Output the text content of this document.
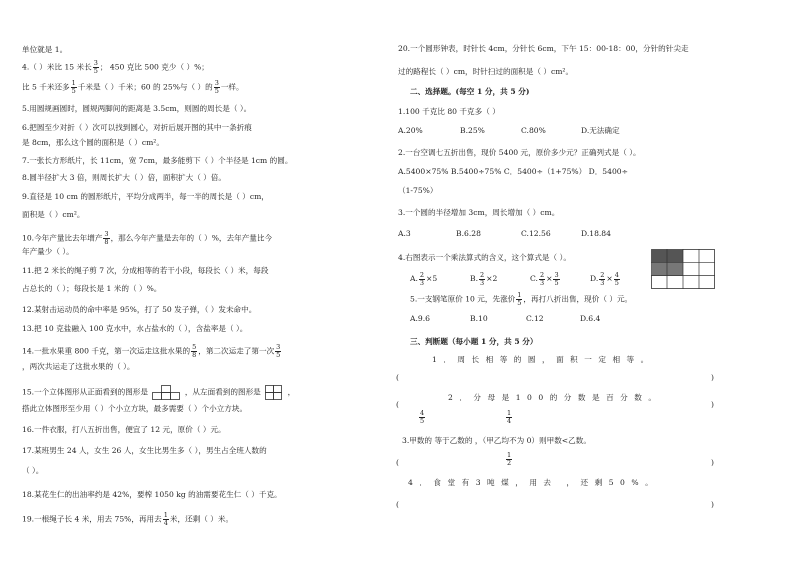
单位就是 1。
4.（ ）米比 15 米长 $\frac{3}{5}$ ； 450 克比 500 克少（ ）%；
比 5 千米还多 $\frac{1}{5}$ 千米是（ ）千米；60 的 25%与（ ）的 $\frac{3}{5}$ 一样。
5.用圆规画圆时，圆规两脚间的距离是 3.5cm，则圆的周长是（ ）。
6.把圆至少对折（ ）次可以找到圆心，对折后展开图的其中一条折痕
是 8cm，那么这个圆的面积是（ ）cm²。
7.一张长方形纸片，长 11cm，宽 7cm，最多能剪下（ ）个半径是 1cm 的圆。
8.圆半径扩大 3 倍，则周长扩大（ ）倍，面积扩大（ ）倍。
9.直径是 10 cm 的圆形纸片，平均分成两半，每一半的周长是（ ）cm，
面积是（ ）cm²。
10.今年产量比去年增产 $\frac{3}{8}$ ，那么今年产量是去年的（ ）%，去年产量比今
年产量少（ ）。
11.把 2 米长的绳子剪 7 次，分成相等的若干小段，每段长（ ）米，每段
占总长的（ ）；每段长是 1 米的（ ）%。
12.某射击运动员的命中率是 95%，打了 50 发子弹，（ ）发未命中。
13.把 10 克盐融入 100 克水中，水占盐水的（ ），含盐率是（ ）。
14.一批水果重 800 千克，第一次运走这批水果的 $\frac{5}{8}$ ，第二次运走了第一次 $\frac{3}{5}$
，两次共运走了这批水果的（ ）。
15.一个立体图形从正面看到的图形是	，从左面看到的图形是	，
搭此立体图形至少用（ ）个小立方块，最多需要（ ）个小立方块。
16.一件衣服，打八五折出售，便宜了 12 元，原价（ ）元。
17.某班男生 24 人，女生 26 人，女生比男生多（ ），男生占全班人数的
（ ）。
18.某花生仁的出油率约是 42%，要榨 1050 kg 的油需要花生仁（ ）千克。
19.一根绳子长 4 米，用去 75%，再用去 $\frac{1}{4}$ 米，还剩（ ）米。
20.一个圆形钟表，时针长 4cm，分针长 6cm，下午 15：00-18：00，分针的针尖走
过的路程长（ ）cm，时针扫过的面积是（ ）cm²。
二、选择题。(每空 1 分，共 5 分)
1.100 千克比 80 千克多（ ）
A.20%	B.25%	C.80%	D.无法确定
2.一台空调七五折出售，现价 5400 元，原价多少元？正确列式是（ ）。
A.5400×75% B.5400÷75% C．5400÷（1+75%） D．5400÷
（1-75%）
3.一个圆的半径增加 3cm，周长增加（ ）cm。
A.3	B.6.28	C.12.56	D.18.84
4.右图表示一个乘法算式的含义，这个算式是（ ）。
A. $\frac{2}{3} \times 5$	B. $\frac{2}{3} \times 2$	C. $\frac{2}{3} \times \frac{3}{5}$	D. $\frac{2}{3} \times \frac{4}{5}$
5.一支钢笔原价 10 元，先涨价 $\frac{1}{5}$ ，再打八折出售，现价（ ）元。
A.9.6	B.10	C.12	D.6.4
三、判断题（每小题 1 分，共 5 分）
1．周长相等的圆，面积一定相等。
(	)
2．分母是100的分数是百分数。
(	)
$\frac{4}{5}$	$\frac{1}{4}$
3.甲数的 等于乙数的 ，（甲乙均不为 0）则甲数<乙数。
(	)
$\frac{1}{2}$
4．食堂有3吨煤，用去 ，还剩50%。
(	)
